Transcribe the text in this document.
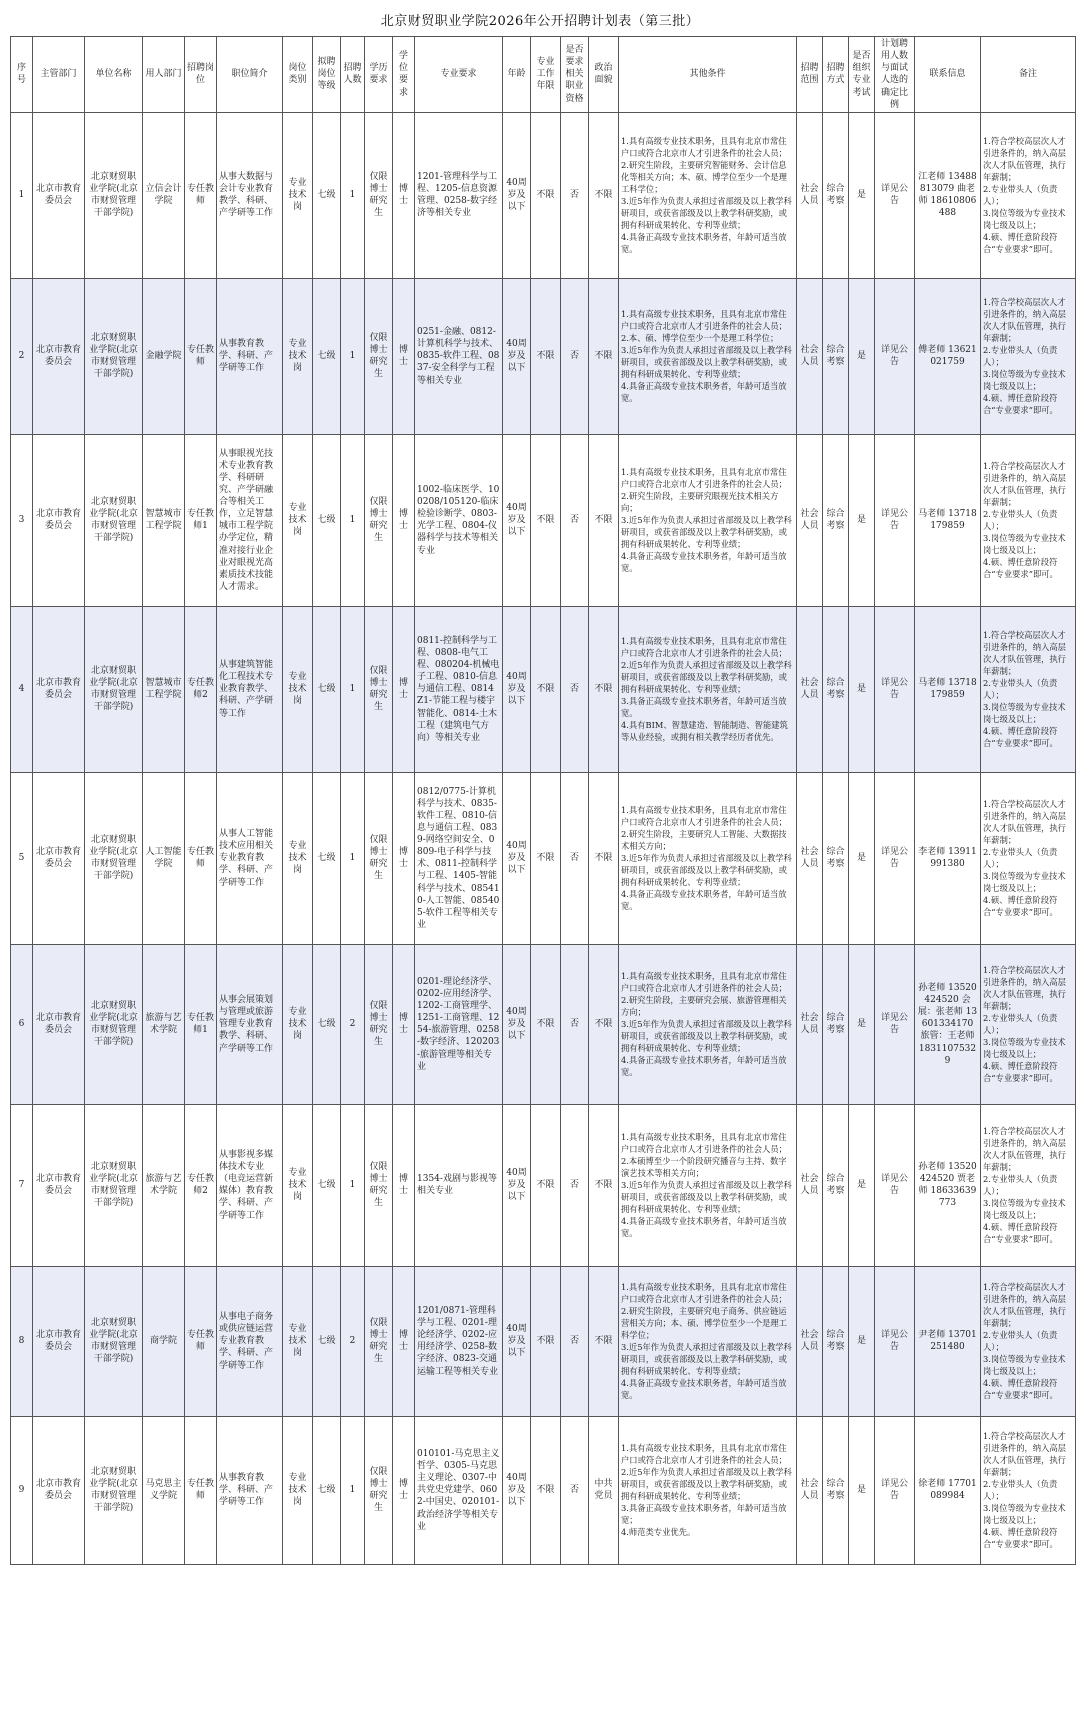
北京财贸职业学院2026年公开招聘计划表（第三批）
序号	主管部门	单位名称	用人部门	招聘岗位	职位简介	岗位类别	拟聘岗位等级	招聘人数	学历要求	学位要求	专业要求	年龄	专业工作年限	是否要求相关职业资格	政治面貌	其他条件	招聘范围	招聘方式	是否组织专业考试	计划聘用人数与面试人选的确定比例	联系信息	备注
1	北京市教育委员会	北京财贸职业学院(北京市财贸管理干部学院)	立信会计学院	专任教师	从事大数据与会计专业教育教学、科研、产学研等工作	专业技术岗	七级	1	仅限博士研究生	博士	1201-管理科学与工程、1205-信息资源管理、0258-数字经济等相关专业	40周岁及以下	不限	否	不限	1.具有高级专业技术职务，且具有北京市常住户口或符合北京市人才引进条件的社会人员；
2.研究生阶段，主要研究智能财务、会计信息化等相关方向；本、硕、博学位至少一个是理工科学位；
3.近5年作为负责人承担过省部级及以上教学科研项目，或获省部级及以上教学科研奖励，或拥有科研成果转化、专利等业绩；
4.具备正高级专业技术职务者，年龄可适当放宽。	社会人员	综合考察	是	详见公告	江老师 13488813079 曲老师 18610806488	1.符合学校高层次人才引进条件的，纳入高层次人才队伍管理，执行年薪制；
2.专业带头人（负责人）；
3.岗位等级为专业技术岗七级及以上；
4.硕、博任意阶段符合“专业要求”即可。

2	北京市教育委员会	北京财贸职业学院(北京市财贸管理干部学院)	金融学院	专任教师	从事教育教学、科研、产学研等工作	专业技术岗	七级	1	仅限博士研究生	博士	0251-金融、0812-计算机科学与技术、0835-软件工程、0837-安全科学与工程等相关专业	40周岁及以下	不限	否	不限	1.具有高级专业技术职务，且具有北京市常住户口或符合北京市人才引进条件的社会人员；
2.本、硕、博学位至少一个是理工科学位；
3.近5年作为负责人承担过省部级及以上教学科研项目，或获省部级及以上教学科研奖励，或拥有科研成果转化、专利等业绩；
4.具备正高级专业技术职务者，年龄可适当放宽。	社会人员	综合考察	是	详见公告	傅老师 13621021759	1.符合学校高层次人才引进条件的，纳入高层次人才队伍管理，执行年薪制；
2.专业带头人（负责人）；
3.岗位等级为专业技术岗七级及以上；
4.硕、博任意阶段符合“专业要求”即可。

3	北京市教育委员会	北京财贸职业学院(北京市财贸管理干部学院)	智慧城市工程学院	专任教师1	从事眼视光技术专业教育教学、科研研究、产学研融合等相关工作，立足智慧城市工程学院办学定位，精准对接行业企业对眼视光高素质技术技能人才需求。	专业技术岗	七级	1	仅限博士研究生	博士	1002-临床医学、100208/105120-临床检验诊断学、0803-光学工程、0804-仪器科学与技术等相关专业	40周岁及以下	不限	否	不限	1.具有高级专业技术职务，且具有北京市常住户口或符合北京市人才引进条件的社会人员；
2.研究生阶段，主要研究眼视光技术相关方向；
3.近5年作为负责人承担过省部级及以上教学科研项目，或获省部级及以上教学科研奖励，或拥有科研成果转化、专利等业绩；
4.具备正高级专业技术职务者，年龄可适当放宽。	社会人员	综合考察	是	详见公告	马老师 13718179859	1.符合学校高层次人才引进条件的，纳入高层次人才队伍管理，执行年薪制；
2.专业带头人（负责人）；
3.岗位等级为专业技术岗七级及以上；
4.硕、博任意阶段符合“专业要求”即可。

4	北京市教育委员会	北京财贸职业学院(北京市财贸管理干部学院)	智慧城市工程学院	专任教师2	从事建筑智能化工程技术专业教育教学、科研、产学研等工作	专业技术岗	七级	1	仅限博士研究生	博士	0811-控制科学与工程、0808-电气工程、080204-机械电子工程、0810-信息与通信工程、0814Z1-节能工程与楼宇智能化、0814-土木工程（建筑电气方向）等相关专业	40周岁及以下	不限	否	不限	1.具有高级专业技术职务，且具有北京市常住户口或符合北京市人才引进条件的社会人员；
2.近5年作为负责人承担过省部级及以上教学科研项目，或获省部级及以上教学科研奖励，或拥有科研成果转化、专利等业绩；
3.具备正高级专业技术职务者，年龄可适当放宽。
4.具有BIM、智慧建造、智能制造、智能建筑等从业经验，或拥有相关教学经历者优先。	社会人员	综合考察	是	详见公告	马老师 13718179859	1.符合学校高层次人才引进条件的，纳入高层次人才队伍管理，执行年薪制；
2.专业带头人（负责人）；
3.岗位等级为专业技术岗七级及以上；
4.硕、博任意阶段符合“专业要求”即可。

5	北京市教育委员会	北京财贸职业学院(北京市财贸管理干部学院)	人工智能学院	专任教师	从事人工智能技术应用相关专业教育教学、科研、产学研等工作	专业技术岗	七级	1	仅限博士研究生	博士	0812/0775-计算机科学与技术、0835-软件工程、0810-信息与通信工程、0839-网络空间安全、0809-电子科学与技术、0811-控制科学与工程、1405-智能科学与技术、085410-人工智能、085405-软件工程等相关专业	40周岁及以下	不限	否	不限	1.具有高级专业技术职务，且具有北京市常住户口或符合北京市人才引进条件的社会人员；
2.研究生阶段，主要研究人工智能、大数据技术相关方向；
3.近5年作为负责人承担过省部级及以上教学科研项目，或获省部级及以上教学科研奖励，或拥有科研成果转化、专利等业绩；
4.具备正高级专业技术职务者，年龄可适当放宽。	社会人员	综合考察	是	详见公告	李老师 13911991380	1.符合学校高层次人才引进条件的，纳入高层次人才队伍管理，执行年薪制；
2.专业带头人（负责人）；
3.岗位等级为专业技术岗七级及以上；
4.硕、博任意阶段符合“专业要求”即可。

6	北京市教育委员会	北京财贸职业学院(北京市财贸管理干部学院)	旅游与艺术学院	专任教师1	从事会展策划与管理或旅游管理专业教育教学、科研、产学研等工作	专业技术岗	七级	2	仅限博士研究生	博士	0201-理论经济学、0202-应用经济学、1202-工商管理学、1251-工商管理、1254-旅游管理、0258-数字经济、120203-旅游管理等相关专业	40周岁及以下	不限	否	不限	1.具有高级专业技术职务，且具有北京市常住户口或符合北京市人才引进条件的社会人员；
2.研究生阶段，主要研究会展、旅游管理相关方向；
3.近5年作为负责人承担过省部级及以上教学科研项目，或获省部级及以上教学科研奖励，或拥有科研成果转化、专利等业绩；
4.具备正高级专业技术职务者，年龄可适当放宽。	社会人员	综合考察	是	详见公告	孙老师 13520424520 会展：张老师 13601334170 旅管：王老师 18311075329	1.符合学校高层次人才引进条件的，纳入高层次人才队伍管理，执行年薪制；
2.专业带头人（负责人）；
3.岗位等级为专业技术岗七级及以上；
4.硕、博任意阶段符合“专业要求”即可。

7	北京市教育委员会	北京财贸职业学院(北京市财贸管理干部学院)	旅游与艺术学院	专任教师2	从事影视多媒体技术专业（电竞运营新媒体）教育教学、科研、产学研等工作	专业技术岗	七级	1	仅限博士研究生	博士	1354-戏剧与影视等相关专业	40周岁及以下	不限	否	不限	1.具有高级专业技术职务，且具有北京市常住户口或符合北京市人才引进条件的社会人员；
2.本硕博至少一个阶段研究播音与主持、数字演艺技术等相关方向；
3.近5年作为负责人承担过省部级及以上教学科研项目，或获省部级及以上教学科研奖励，或拥有科研成果转化、专利等业绩；
4.具备正高级专业技术职务者，年龄可适当放宽。	社会人员	综合考察	是	详见公告	孙老师 13520424520 贾老师 18633639773	1.符合学校高层次人才引进条件的，纳入高层次人才队伍管理，执行年薪制；
2.专业带头人（负责人）；
3.岗位等级为专业技术岗七级及以上；
4.硕、博任意阶段符合“专业要求”即可。

8	北京市教育委员会	北京财贸职业学院(北京市财贸管理干部学院)	商学院	专任教师	从事电子商务或供应链运营专业教育教学、科研、产学研等工作	专业技术岗	七级	2	仅限博士研究生	博士	1201/0871-管理科学与工程、0201-理论经济学、0202-应用经济学、0258-数字经济、0823-交通运输工程等相关专业	40周岁及以下	不限	否	不限	1.具有高级专业技术职务，且具有北京市常住户口或符合北京市人才引进条件的社会人员；
2.研究生阶段，主要研究电子商务、供应链运营相关方向；本、硕、博学位至少一个是理工科学位；
3.近5年作为负责人承担过省部级及以上教学科研项目，或获省部级及以上教学科研奖励，或拥有科研成果转化、专利等业绩；
4.具备正高级专业技术职务者，年龄可适当放宽。	社会人员	综合考察	是	详见公告	尹老师 13701251480	1.符合学校高层次人才引进条件的，纳入高层次人才队伍管理，执行年薪制；
2.专业带头人（负责人）；
3.岗位等级为专业技术岗七级及以上；
4.硕、博任意阶段符合“专业要求”即可。

9	北京市教育委员会	北京财贸职业学院(北京市财贸管理干部学院)	马克思主义学院	专任教师	从事教育教学、科研、产学研等工作	专业技术岗	七级	1	仅限博士研究生	博士	010101-马克思主义哲学、0305-马克思主义理论、0307-中共党史党建学、0602-中国史、020101-政治经济学等相关专业	40周岁及以下	不限	否	中共党员	1.具有高级专业技术职务，且具有北京市常住户口或符合北京市人才引进条件的社会人员；
2.近5年作为负责人承担过省部级及以上教学科研项目，或获省部级及以上教学科研奖励，或拥有科研成果转化、专利等业绩；
3.具备正高级专业技术职务者，年龄可适当放宽；
4.师范类专业优先。	社会人员	综合考察	是	详见公告	徐老师 17701089984	1.符合学校高层次人才引进条件的，纳入高层次人才队伍管理，执行年薪制；
2.专业带头人（负责人）；
3.岗位等级为专业技术岗七级及以上；
4.硕、博任意阶段符合“专业要求”即可。
